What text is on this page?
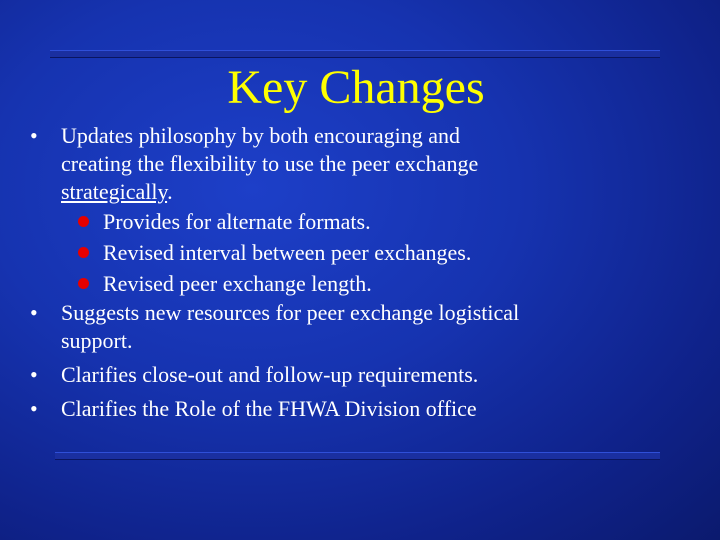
Key Changes
•	Updates philosophy by both encouraging and
creating the flexibility to use the peer exchange
strategically.
Provides for alternate formats.
Revised interval between peer exchanges.
Revised peer exchange length.
•	Suggests new resources for peer exchange logistical
support.
•	Clarifies close-out and follow-up requirements.
•	Clarifies the Role of the FHWA Division office
